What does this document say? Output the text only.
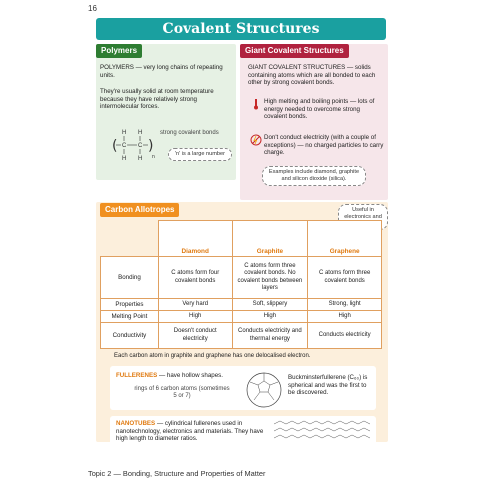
16
Covalent Structures
Polymers
POLYMERS — very long chains of repeating units.
They're usually solid at room temperature because they have relatively strong intermolecular forces.
( )
H H
C C
H H n
strong covalent bonds
'n' is a large number
Giant Covalent Structures
GIANT COVALENT STRUCTURES — solids containing atoms which are all bonded to each other by strong covalent bonds.
High melting and boiling points — lots of energy needed to overcome strong covalent bonds.
Don't conduct electricity (with a couple of exceptions) — no charged particles to carry charge.
Examples include diamond, graphite and silicon dioxide (silica).
Carbon Allotropes	Useful in electronics and
	Diamond	Graphite	Graphene
Bonding	C atoms form four covalent bonds	C atoms form three covalent bonds. No covalent bonds between layers	C atoms form three covalent bonds
Properties	Very hard	Soft, slippery	Strong, light
Melting Point	High	High	High
Conductivity	Doesn't conduct electricity	Conducts electricity and thermal energy	Conducts electricity
Each carbon atom in graphite and graphene has one delocalised electron.
FULLERENES — have hollow shapes.
rings of 6 carbon atoms (sometimes 5 or 7)
Buckminsterfullerene (C₆₀) is spherical and was the first to be discovered.
NANOTUBES — cylindrical fullerenes used in nanotechnology, electronics and materials. They have high length to diameter ratios.
Topic 2 — Bonding, Structure and Properties of Matter
